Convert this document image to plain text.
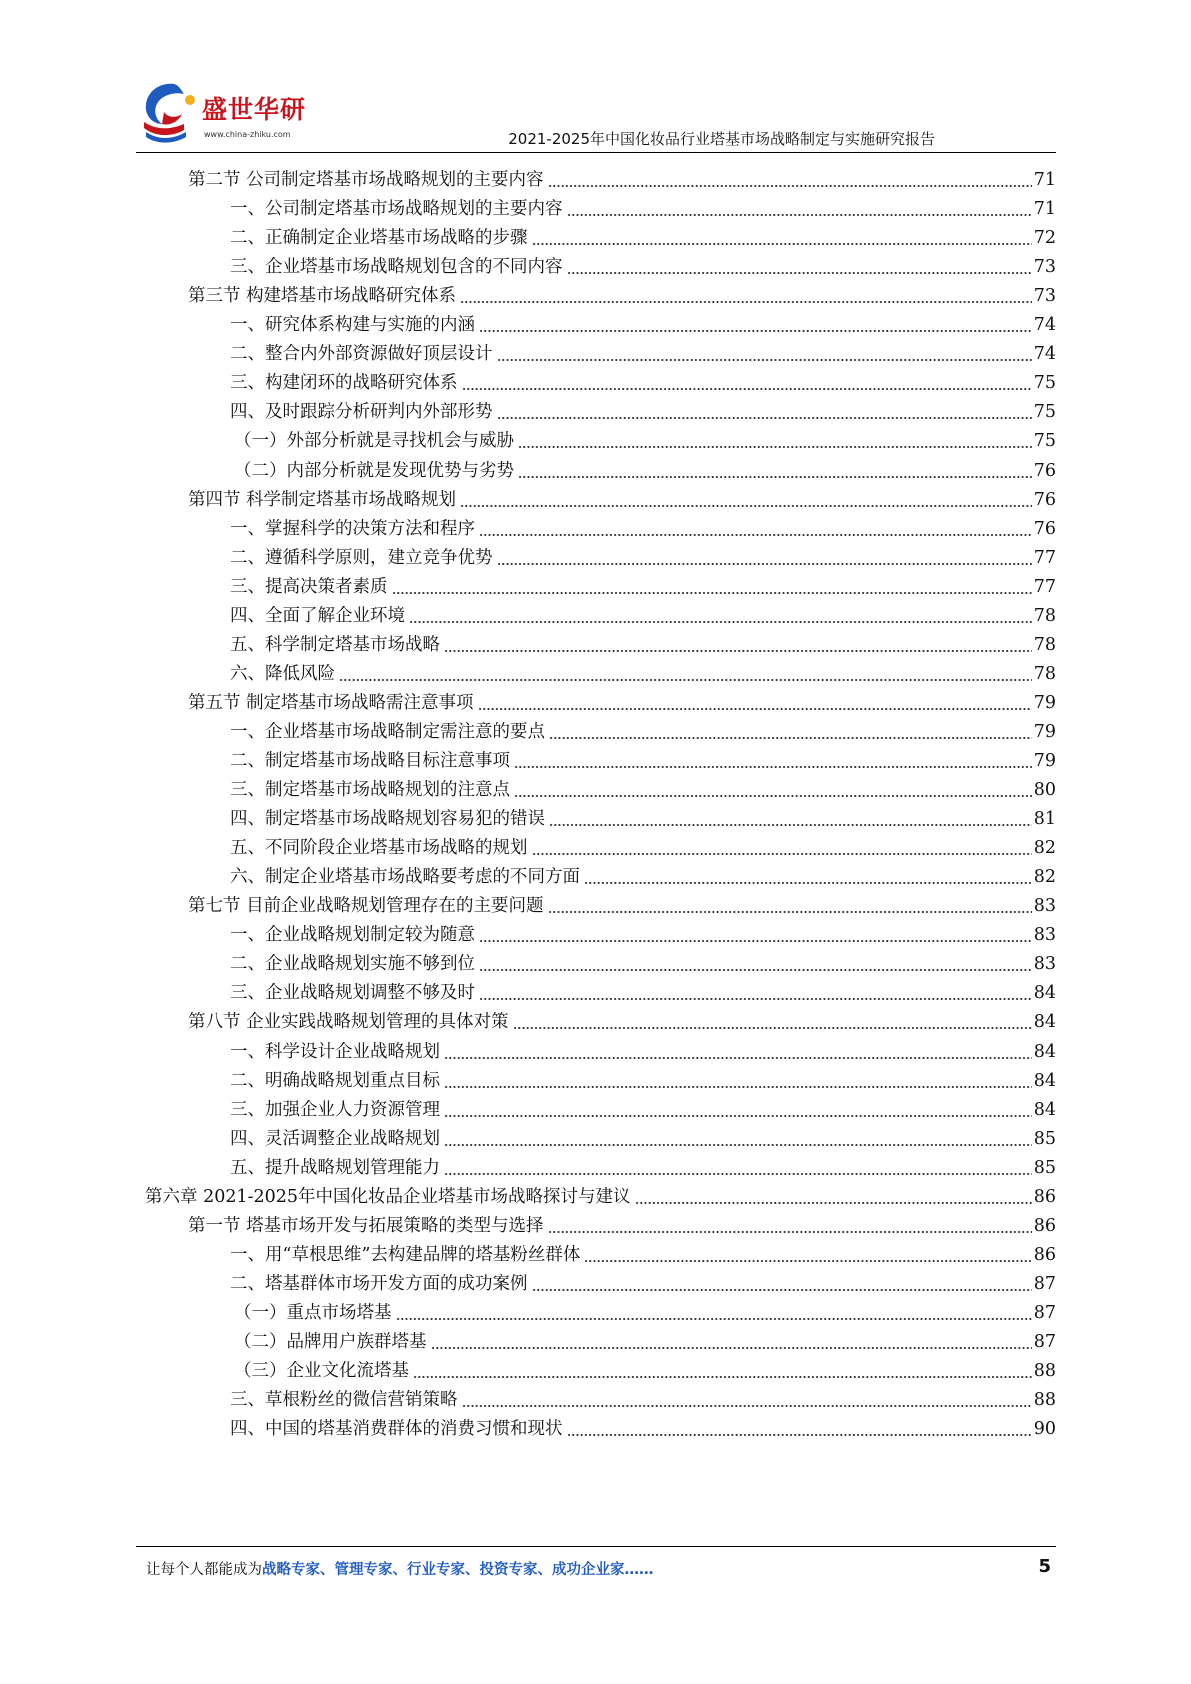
盛世华研
www.china-zhiku.com	2021-2025年中国化妆品行业塔基市场战略制定与实施研究报告
第二节 公司制定塔基市场战略规划的主要内容	71
一、公司制定塔基市场战略规划的主要内容	71
二、正确制定企业塔基市场战略的步骤	72
三、企业塔基市场战略规划包含的不同内容	73
第三节 构建塔基市场战略研究体系	73
一、研究体系构建与实施的内涵	74
二、整合内外部资源做好顶层设计	74
三、构建闭环的战略研究体系	75
四、及时跟踪分析研判内外部形势	75
（一）外部分析就是寻找机会与威胁	75
（二）内部分析就是发现优势与劣势	76
第四节 科学制定塔基市场战略规划	76
一、掌握科学的决策方法和程序	76
二、遵循科学原则，建立竞争优势	77
三、提高决策者素质	77
四、全面了解企业环境	78
五、科学制定塔基市场战略	78
六、降低风险	78
第五节 制定塔基市场战略需注意事项	79
一、企业塔基市场战略制定需注意的要点	79
二、制定塔基市场战略目标注意事项	79
三、制定塔基市场战略规划的注意点	80
四、制定塔基市场战略规划容易犯的错误	81
五、不同阶段企业塔基市场战略的规划	82
六、制定企业塔基市场战略要考虑的不同方面	82
第七节 目前企业战略规划管理存在的主要问题	83
一、企业战略规划制定较为随意	83
二、企业战略规划实施不够到位	83
三、企业战略规划调整不够及时	84
第八节 企业实践战略规划管理的具体对策	84
一、科学设计企业战略规划	84
二、明确战略规划重点目标	84
三、加强企业人力资源管理	84
四、灵活调整企业战略规划	85
五、提升战略规划管理能力	85
第六章 2021-2025年中国化妆品企业塔基市场战略探讨与建议	86
第一节 塔基市场开发与拓展策略的类型与选择	86
一、用“草根思维”去构建品牌的塔基粉丝群体	86
二、塔基群体市场开发方面的成功案例	87
（一）重点市场塔基	87
（二）品牌用户族群塔基	87
（三）企业文化流塔基	88
三、草根粉丝的微信营销策略	88
四、中国的塔基消费群体的消费习惯和现状	90
让每个人都能成为战略专家、管理专家、行业专家、投资专家、成功企业家……	5
